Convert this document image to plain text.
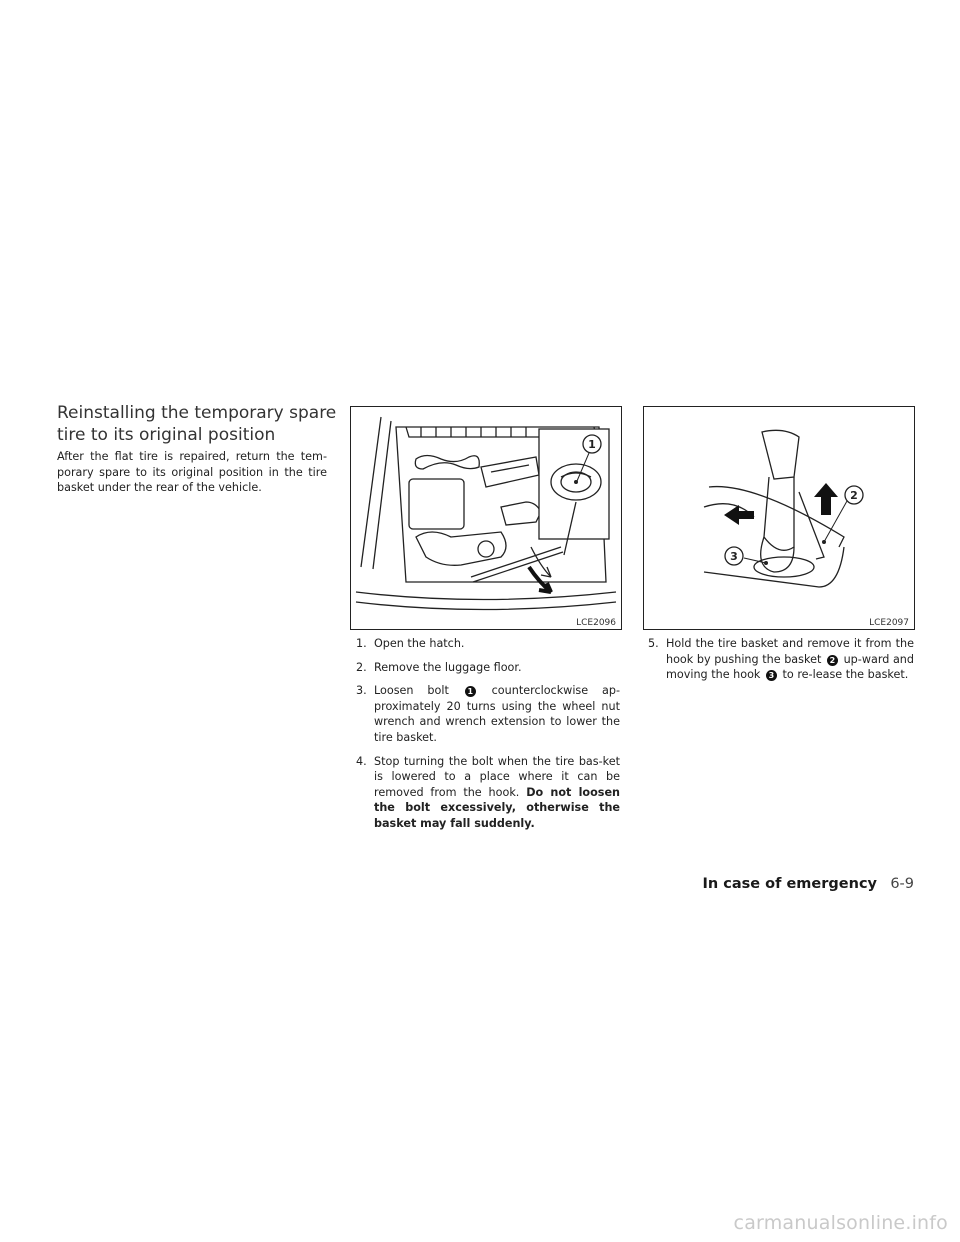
Reinstalling the temporary spare tire to its original position
After the flat tire is repaired, return the tem-porary spare to its original position in the tire basket under the rear of the vehicle.
1
LCE2096
2
3
LCE2097
1. Open the hatch.
2. Remove the luggage floor.
3. Loosen bolt 1 counterclockwise ap-proximately 20 turns using the wheel nut wrench and wrench extension to lower the tire basket.
4. Stop turning the bolt when the tire bas-ket is lowered to a place where it can be removed from the hook. Do not loosen the bolt excessively, otherwise the basket may fall suddenly.
5. Hold the tire basket and remove it from the hook by pushing the basket 2 up-ward and moving the hook 3 to re-lease the basket.
In case of emergency 6-9
carmanualsonline.info
